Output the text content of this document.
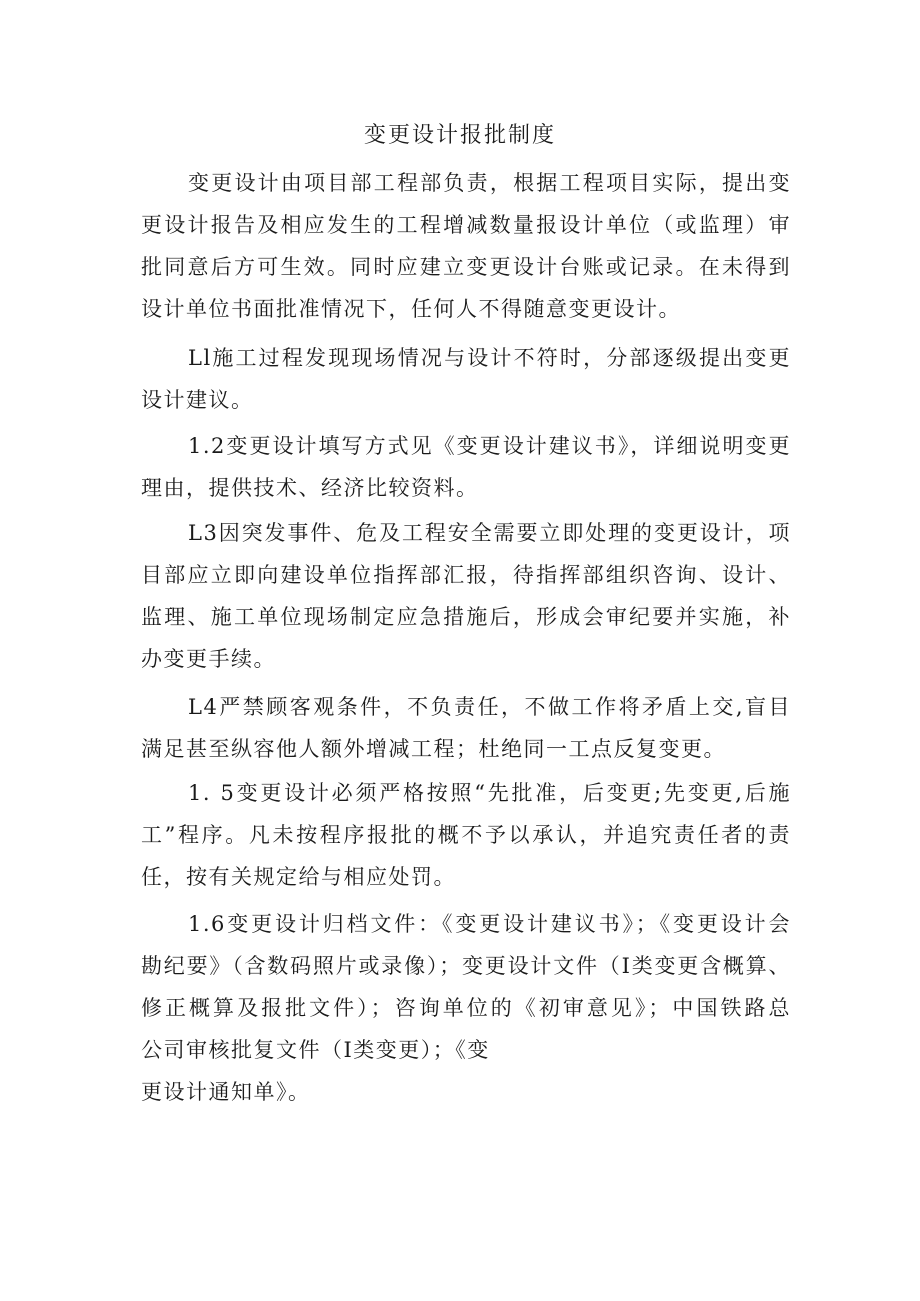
变更设计报批制度
变更设计由项目部工程部负责，根据工程项目实际，提出变
更设计报告及相应发生的工程增减数量报设计单位（或监理）审
批同意后方可生效。同时应建立变更设计台账或记录。在未得到
设计单位书面批准情况下，任何人不得随意变更设计。
Ll施工过程发现现场情况与设计不符时，分部逐级提出变更
设计建议。
1.2变更设计填写方式见《变更设计建议书》，详细说明变更
理由，提供技术、经济比较资料。
L3因突发事件、危及工程安全需要立即处理的变更设计，项
目部应立即向建设单位指挥部汇报，待指挥部组织咨询、设计、
监理、施工单位现场制定应急措施后，形成会审纪要并实施，补
办变更手续。
L4严禁顾客观条件，不负责任，不做工作将矛盾上交,盲目
满足甚至纵容他人额外增减工程；杜绝同一工点反复变更。
1. 5变更设计必须严格按照“先批准，后变更;先变更,后施
工”程序。凡未按程序报批的概不予以承认，并追究责任者的责
任，按有关规定给与相应处罚。
1.6变更设计归档文件：《变更设计建议书》；《变更设计会
勘纪要》（含数码照片或录像）；变更设计文件（I类变更含概算、
修正概算及报批文件）；咨询单位的《初审意见》；中国铁路总
公司审核批复文件（I类变更）；《变
更设计通知单》。
